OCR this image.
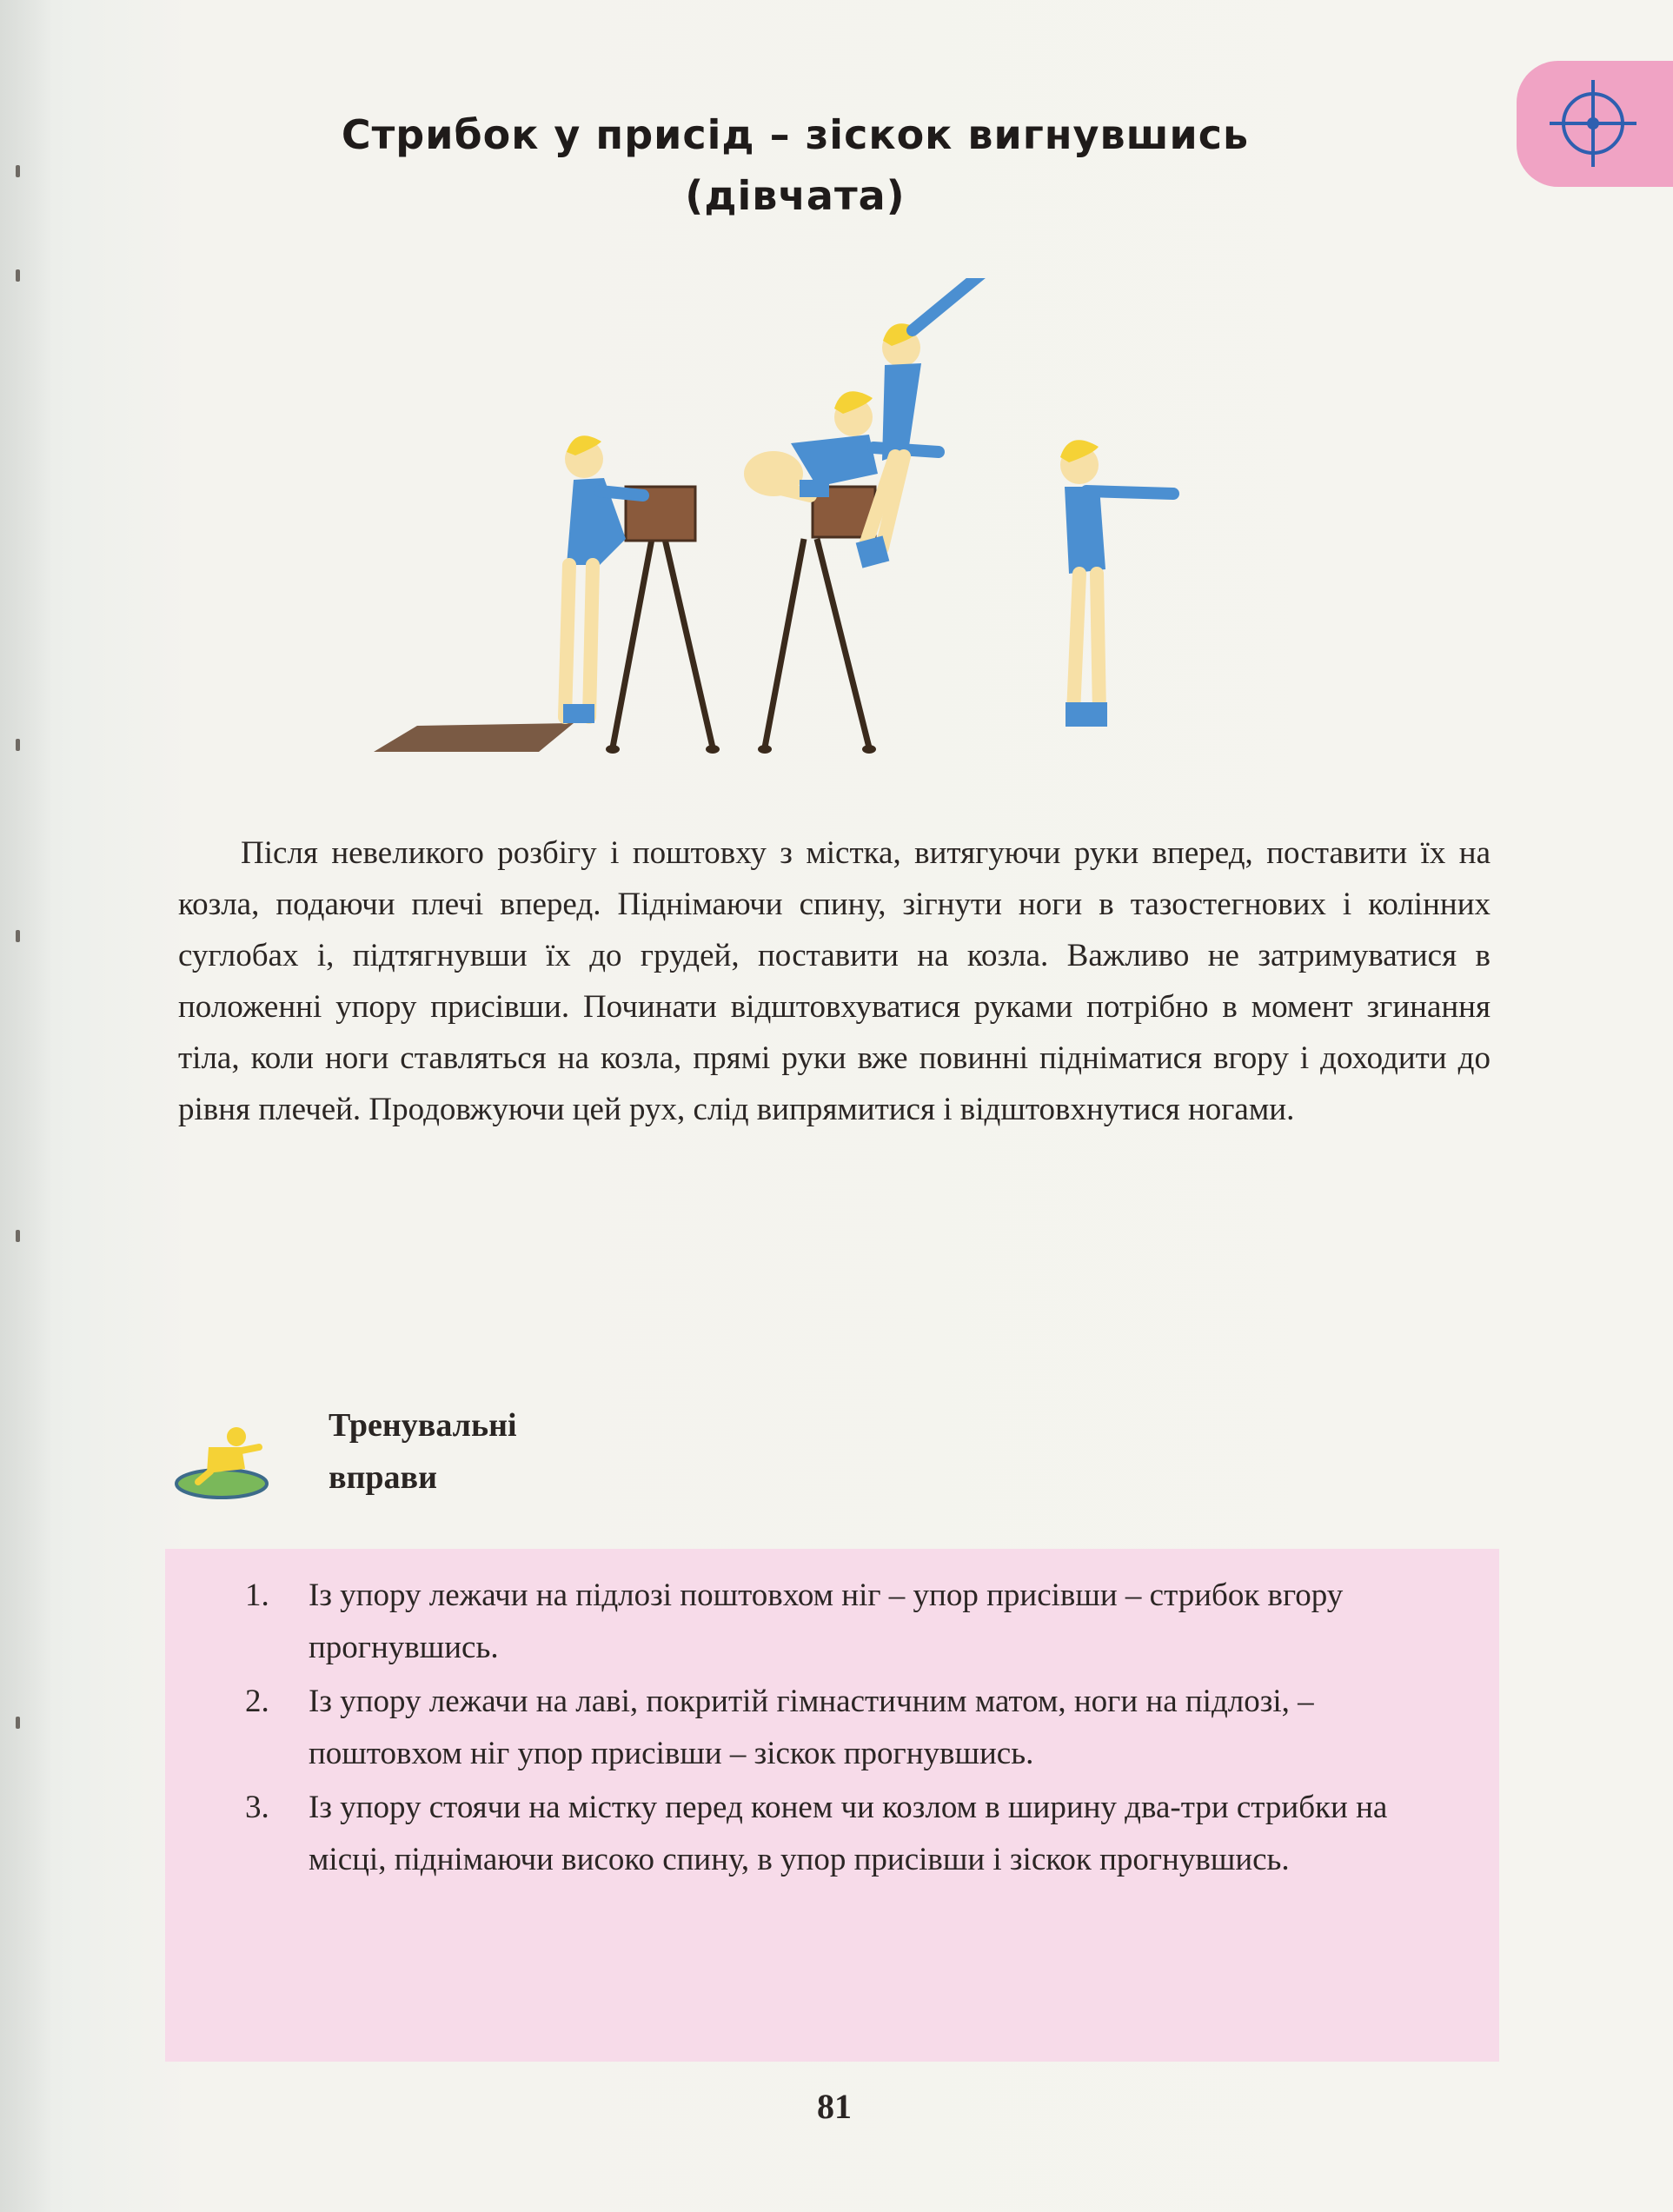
Стрибок у присід – зіскок вигнувшись
(дівчата)

Після невеликого розбігу і поштовху з містка, витягуючи руки вперед, поставити їх на козла, подаючи плечі вперед. Піднімаючи спину, зігнути ноги в тазостегнових і колінних суглобах і, підтягнувши їх до грудей, поставити на козла. Важливо не затримуватися в положенні упору присівши. Починати відштовхуватися руками потрібно в момент згинання тіла, коли ноги ставляться на козла, прямі руки вже повинні підніматися вгору і доходити до рівня плечей. Продовжуючи цей рух, слід випрямитися і відштовхнутися ногами.

Тренувальні
вправи
1. Із упору лежачи на підлозі поштовхом ніг – упор присівши – стрибок вгору прогнувшись.
2. Із упору лежачи на лаві, покритій гімнастичним матом, ноги на підлозі, – поштовхом ніг упор присівши – зіскок прогнувшись.
3. Із упору стоячи на містку перед конем чи козлом в ширину два-три стрибки на місці, піднімаючи високо спину, в упор присівши і зіскок прогнувшись.
81
